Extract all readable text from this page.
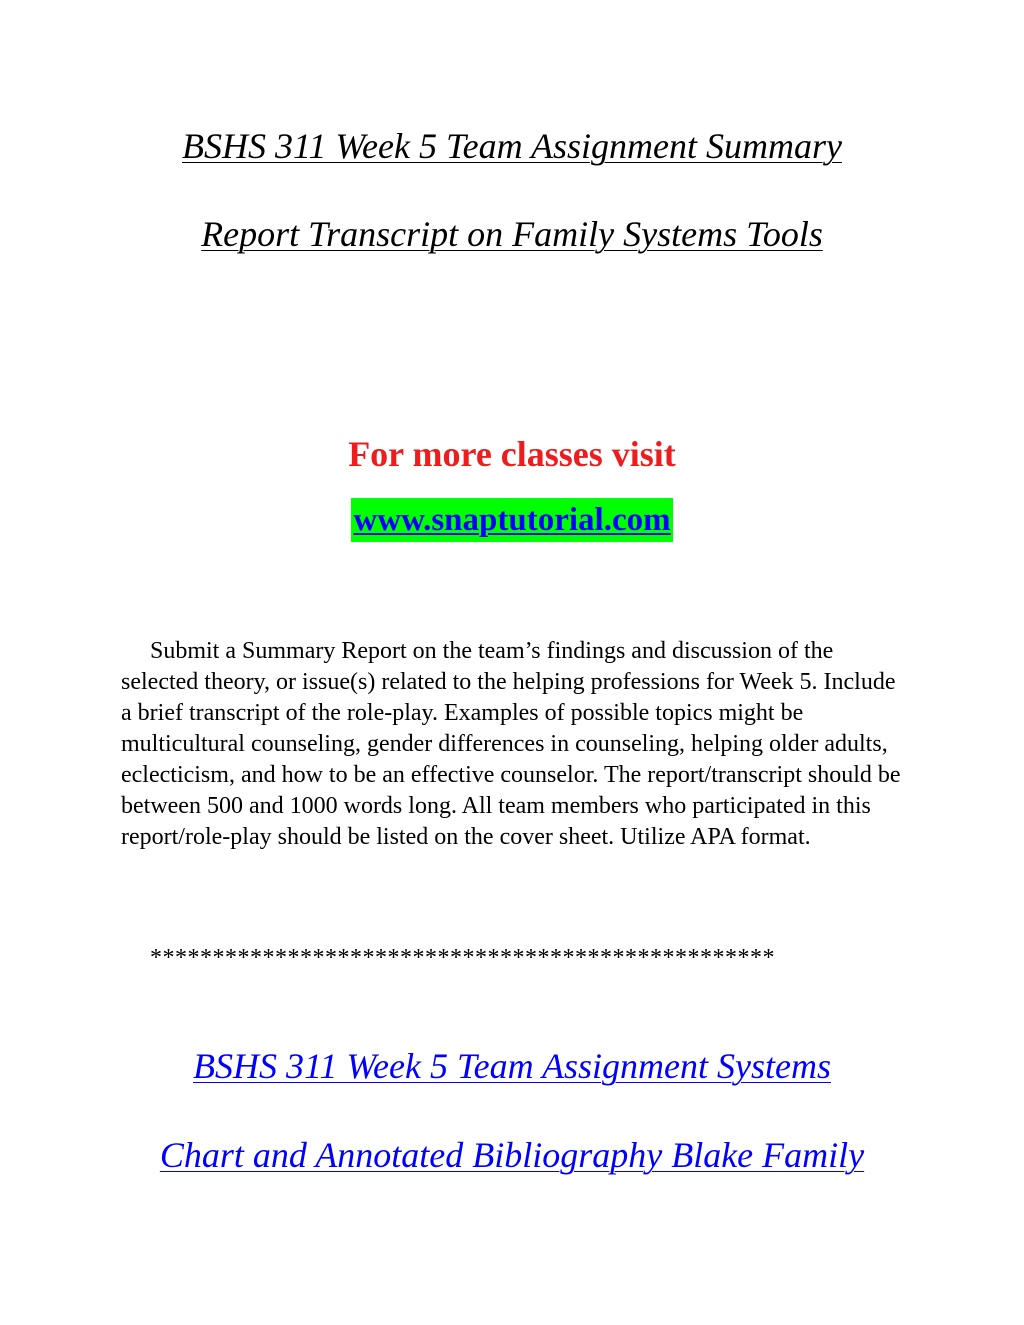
BSHS 311 Week 5 Team Assignment Summary
Report Transcript on Family Systems Tools
For more classes visit
www.snaptutorial.com

Submit a Summary Report on the team’s findings and discussion of the selected theory, or issue(s) related to the helping professions for Week 5. Include a brief transcript of the role-play. Examples of possible topics might be multicultural counseling, gender differences in counseling, helping older adults, eclecticism, and how to be an effective counselor. The report/transcript should be between 500 and 1000 words long. All team members who participated in this report/role-play should be listed on the cover sheet. Utilize APA format.

**************************************************
BSHS 311 Week 5 Team Assignment Systems
Chart and Annotated Bibliography Blake Family
